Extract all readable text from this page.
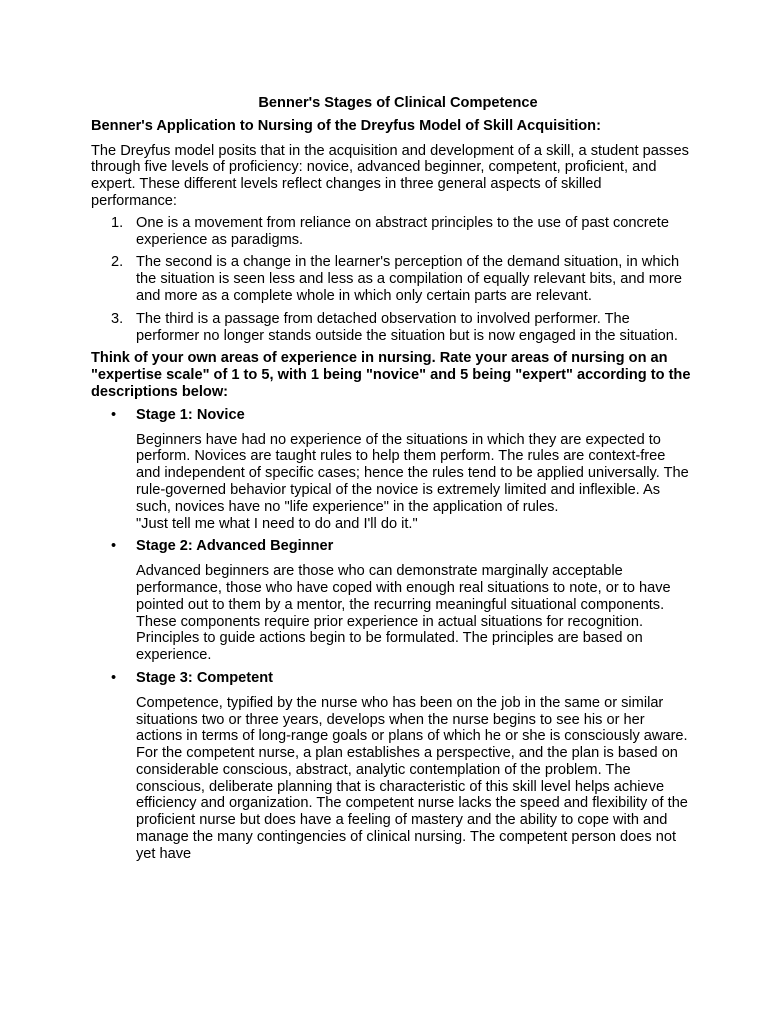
Benner's Stages of Clinical Competence
Benner's Application to Nursing of the Dreyfus Model of Skill Acquisition:

The Dreyfus model posits that in the acquisition and development of a skill, a student passes through five levels of proficiency: novice, advanced beginner, competent, proficient, and expert. These different levels reflect changes in three general aspects of skilled performance:

1. One is a movement from reliance on abstract principles to the use of past concrete experience as paradigms.
2. The second is a change in the learner's perception of the demand situation, in which the situation is seen less and less as a compilation of equally relevant bits, and more and more as a complete whole in which only certain parts are relevant.
3. The third is a passage from detached observation to involved performer. The performer no longer stands outside the situation but is now engaged in the situation.
Think of your own areas of experience in nursing. Rate your areas of nursing on an "expertise scale" of 1 to 5, with 1 being "novice" and 5 being "expert" according to the descriptions below:
• Stage 1: Novice

Beginners have had no experience of the situations in which they are expected to perform. Novices are taught rules to help them perform. The rules are context-free and independent of specific cases; hence the rules tend to be applied universally. The rule-governed behavior typical of the novice is extremely limited and inflexible. As such, novices have no "life experience" in the application of rules.

"Just tell me what I need to do and I'll do it."

• Stage 2: Advanced Beginner

Advanced beginners are those who can demonstrate marginally acceptable performance, those who have coped with enough real situations to note, or to have pointed out to them by a mentor, the recurring meaningful situational components. These components require prior experience in actual situations for recognition. Principles to guide actions begin to be formulated. The principles are based on experience.

• Stage 3: Competent

Competence, typified by the nurse who has been on the job in the same or similar situations two or three years, develops when the nurse begins to see his or her actions in terms of long-range goals or plans of which he or she is consciously aware. For the competent nurse, a plan establishes a perspective, and the plan is based on considerable conscious, abstract, analytic contemplation of the problem. The conscious, deliberate planning that is characteristic of this skill level helps achieve efficiency and organization. The competent nurse lacks the speed and flexibility of the proficient nurse but does have a feeling of mastery and the ability to cope with and manage the many contingencies of clinical nursing. The competent person does not yet have
